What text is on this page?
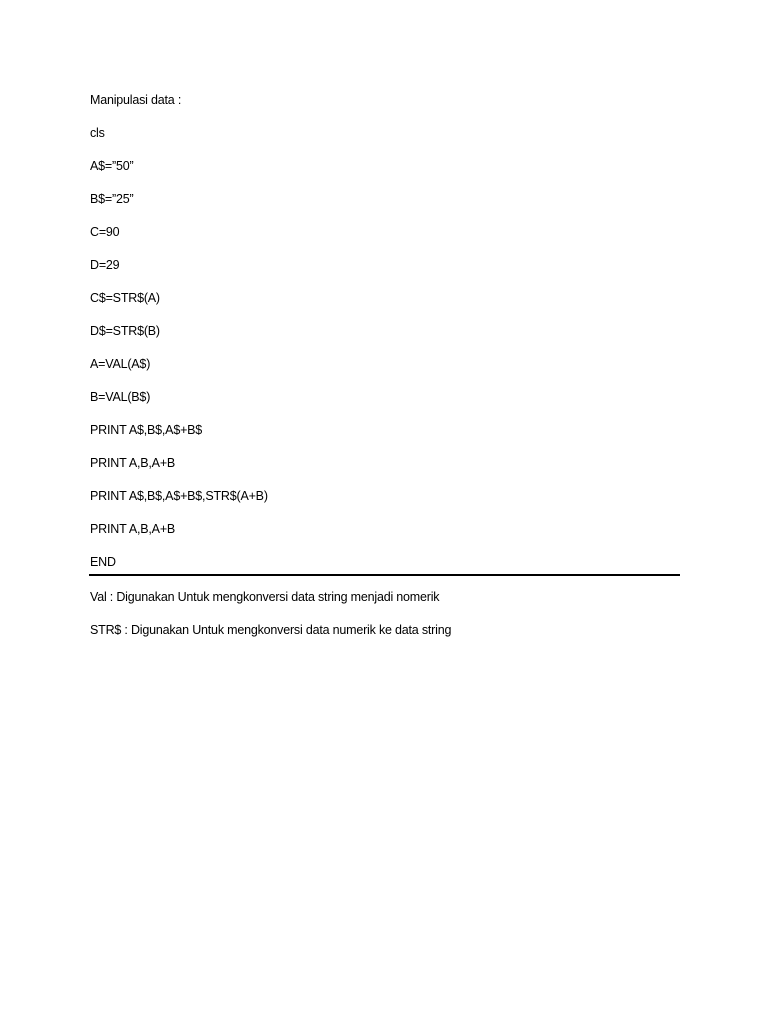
Manipulasi data :
cls
A$=”50”
B$=”25”
C=90
D=29
C$=STR$(A)
D$=STR$(B)
A=VAL(A$)
B=VAL(B$)
PRINT A$,B$,A$+B$
PRINT A,B,A+B
PRINT A$,B$,A$+B$,STR$(A+B)
PRINT A,B,A+B
END
Val : Digunakan Untuk mengkonversi data string menjadi nomerik
STR$ : Digunakan Untuk mengkonversi data numerik ke data string
